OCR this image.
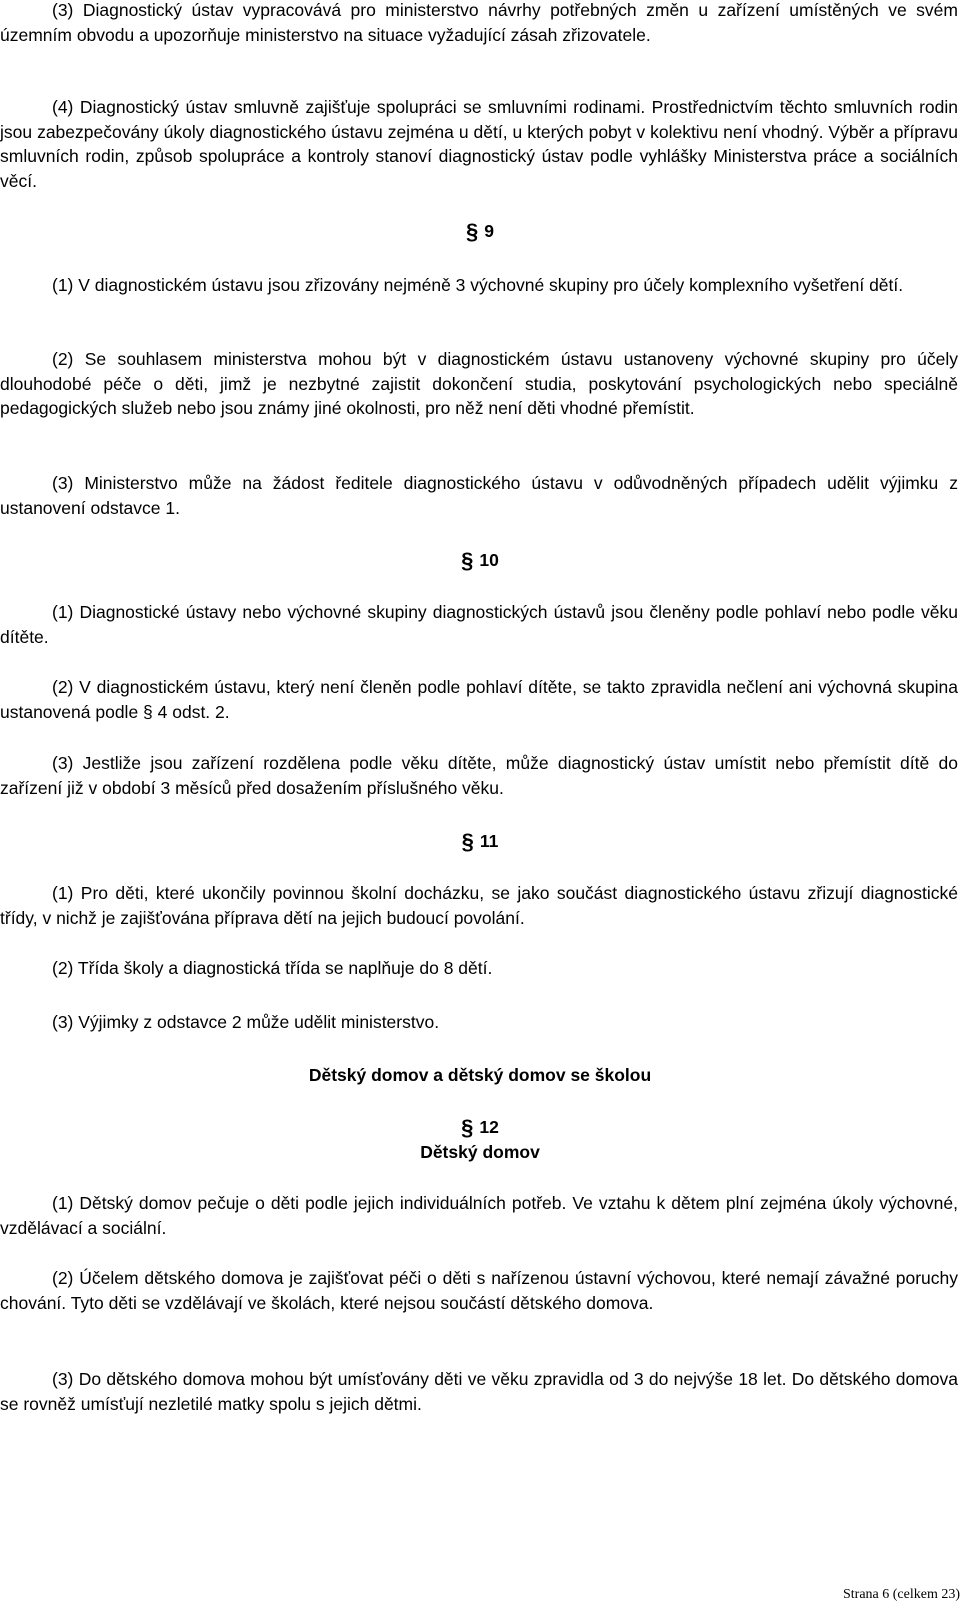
(3) Diagnostický ústav vypracovává pro ministerstvo návrhy potřebných změn u zařízení umístěných ve svém územním obvodu a upozorňuje ministerstvo na situace vyžadující zásah zřizovatele.

(4) Diagnostický ústav smluvně zajišťuje spolupráci se smluvními rodinami. Prostřednictvím těchto smluvních rodin jsou zabezpečovány úkoly diagnostického ústavu zejména u dětí, u kterých pobyt v kolektivu není vhodný. Výběr a přípravu smluvních rodin, způsob spolupráce a kontroly stanoví diagnostický ústav podle vyhlášky Ministerstva práce a sociálních věcí.

§ 9

(1) V diagnostickém ústavu jsou zřizovány nejméně 3 výchovné skupiny pro účely komplexního vyšetření dětí.

(2) Se souhlasem ministerstva mohou být v diagnostickém ústavu ustanoveny výchovné skupiny pro účely dlouhodobé péče o děti, jimž je nezbytné zajistit dokončení studia, poskytování psychologických nebo speciálně pedagogických služeb nebo jsou známy jiné okolnosti, pro něž není děti vhodné přemístit.

(3) Ministerstvo může na žádost ředitele diagnostického ústavu v odůvodněných případech udělit výjimku z ustanovení odstavce 1.

§ 10

(1) Diagnostické ústavy nebo výchovné skupiny diagnostických ústavů jsou členěny podle pohlaví nebo podle věku dítěte.

(2) V diagnostickém ústavu, který není členěn podle pohlaví dítěte, se takto zpravidla nečlení ani výchovná skupina ustanovená podle § 4 odst. 2.

(3) Jestliže jsou zařízení rozdělena podle věku dítěte, může diagnostický ústav umístit nebo přemístit dítě do zařízení již v období 3 měsíců před dosažením příslušného věku.

§ 11

(1) Pro děti, které ukončily povinnou školní docházku, se jako součást diagnostického ústavu zřizují diagnostické třídy, v nichž je zajišťována příprava dětí na jejich budoucí povolání.

(2) Třída školy a diagnostická třída se naplňuje do 8 dětí.

(3) Výjimky z odstavce 2 může udělit ministerstvo.

Dětský domov a dětský domov se školou
§ 12
Dětský domov

(1) Dětský domov pečuje o děti podle jejich individuálních potřeb. Ve vztahu k dětem plní zejména úkoly výchovné, vzdělávací a sociální.

(2) Účelem dětského domova je zajišťovat péči o děti s nařízenou ústavní výchovou, které nemají závažné poruchy chování. Tyto děti se vzdělávají ve školách, které nejsou součástí dětského domova.

(3) Do dětského domova mohou být umísťovány děti ve věku zpravidla od 3 do nejvýše 18 let. Do dětského domova se rovněž umísťují nezletilé matky spolu s jejich dětmi.

Strana 6 (celkem 23)
